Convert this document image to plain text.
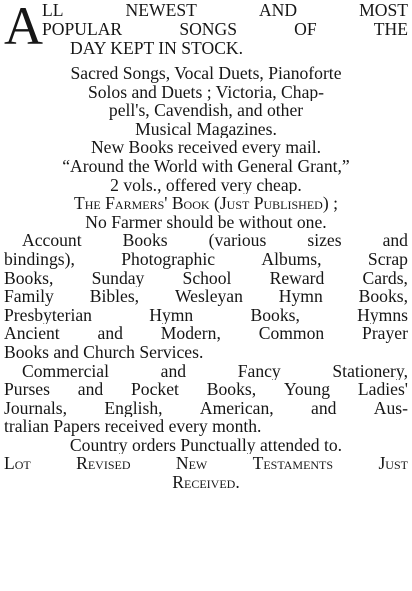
A LL	NEWEST	AND	MOST
POPULAR	SONGS	OF	THE
DAY KEPT IN STOCK.
Sacred Songs, Vocal Duets, Pianoforte
Solos and Duets ; Victoria, Chap-
pell's, Cavendish, and other
Musical Magazines.
New Books received every mail.
“Around the World with General Grant,”
2 vols., offered very cheap.
The Farmers' Book (Just Published) ;
No Farmer should be without one.
Account Books (various sizes and
bindings),	Photographic	Albums,	Scrap
Books, Sunday School Reward Cards,
Family Bibles, Wesleyan Hymn Books,
Presbyterian	Hymn	Books,	Hymns
Ancient and Modern, Common Prayer
Books and Church Services.
Commercial	and	Fancy	Stationery,
Purses and Pocket Books, Young Ladies'
Journals, English, American, and Aus-
tralian Papers received every month.
Country orders Punctually attended to.
Lot	Revised	New	Testaments	Just
Received.
